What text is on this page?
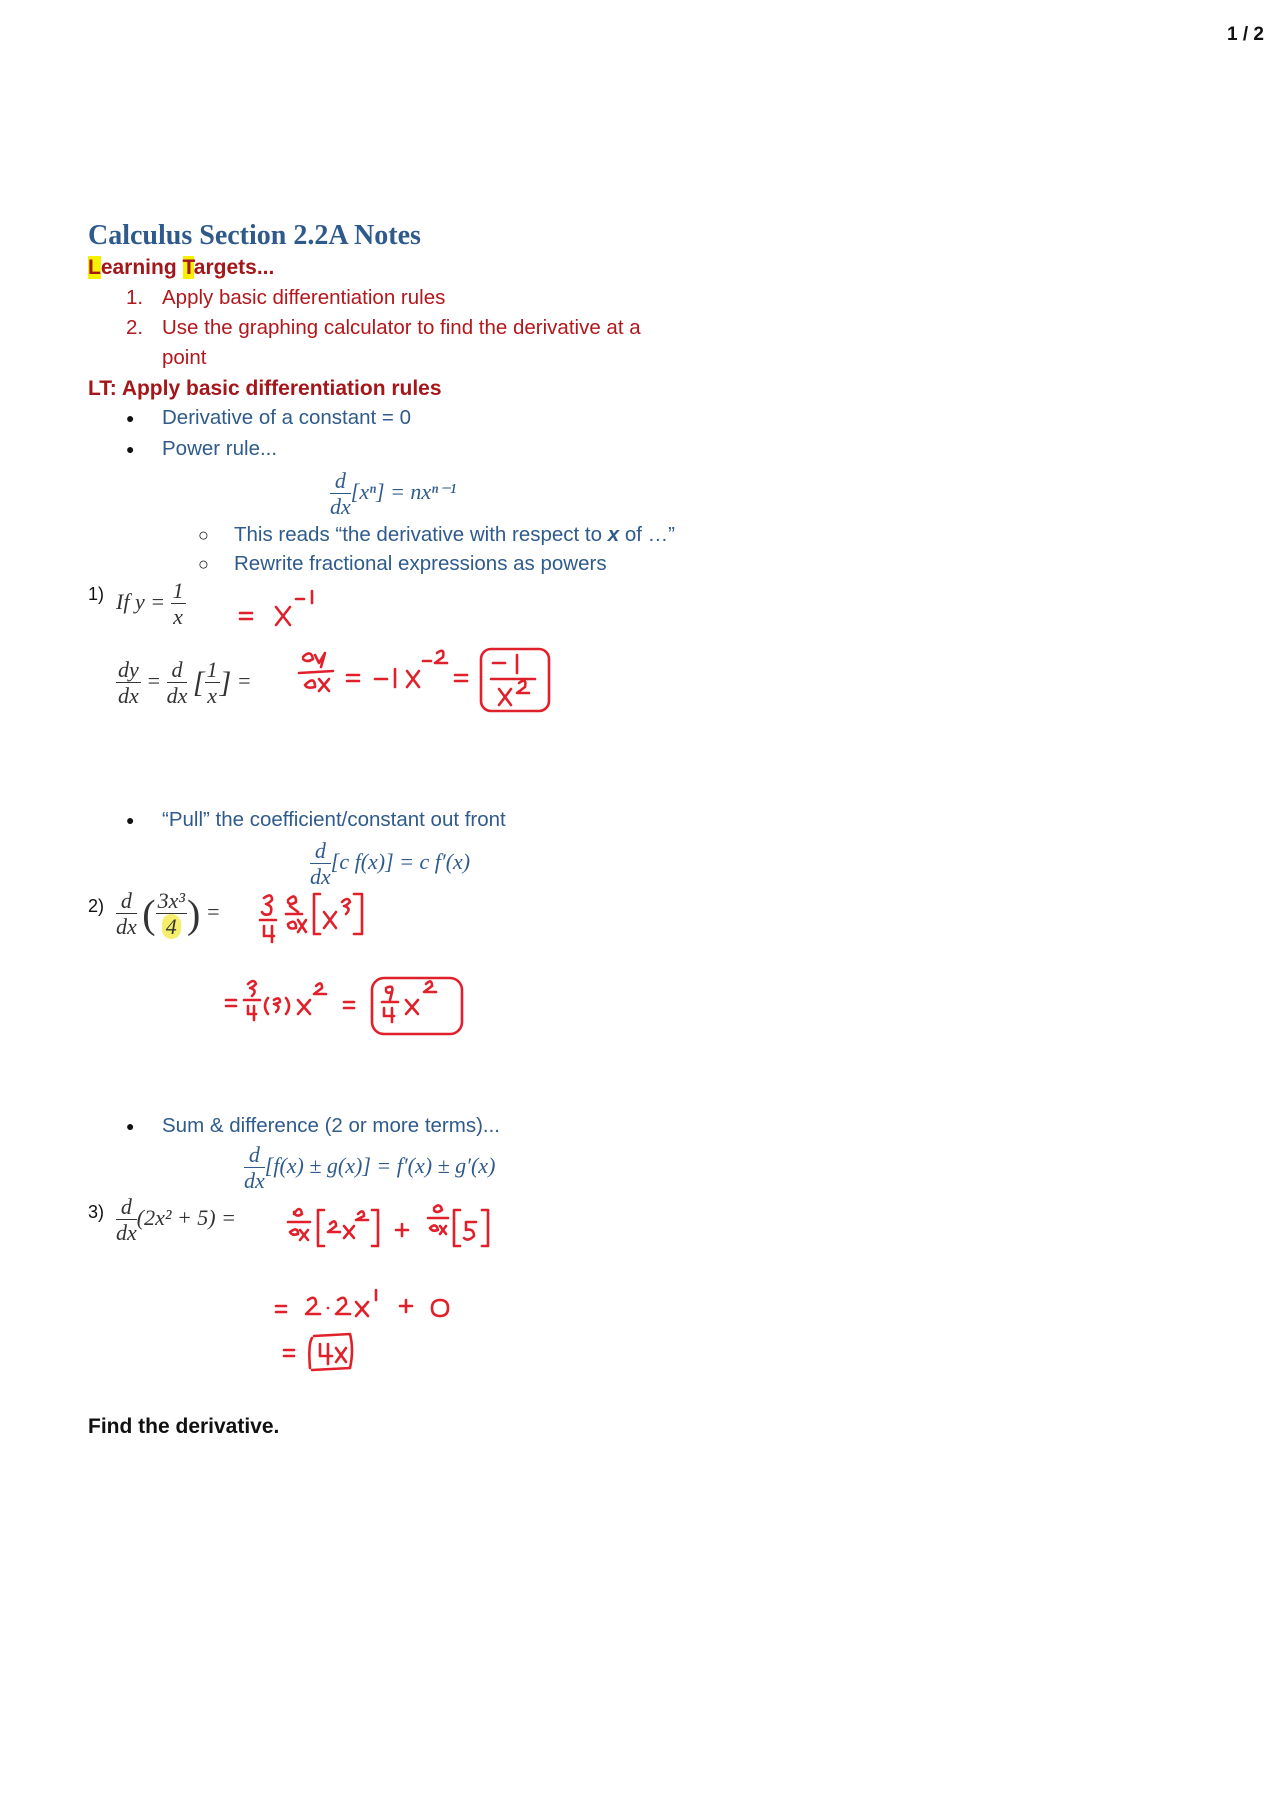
1 / 2
Calculus Section 2.2A Notes
Learning Targets...
1. Apply basic differentiation rules
2. Use the graphing calculator to find the derivative at a
point
LT: Apply basic differentiation rules
● Derivative of a constant = 0
● Power rule...
$\frac{d}{dx} [x^n] = nx^{n-1}$
○ This reads “the derivative with respect to x of …”
○ Rewrite fractional expressions as powers
1) If $y = \frac{1}{x}$
$\frac{dy}{dx} = \frac{d}{dx}$ [ $\frac{1}{x}$ ] =
● “Pull” the coefficient/constant out front
$\frac{d}{dx} [c$ f(x)] = c f′(x)
$2) \frac{d}{dx}$ ( $\frac{\text{3x³}}{4}$ ) =
● Sum & difference (2 or more terms)...
$\frac{d}{dx} [f(x) \pm g(x)] = f'(x) \pm g'(x)$
$3) \frac{d}{dx} (2x^2 + 5)$ =
Find the derivative.
